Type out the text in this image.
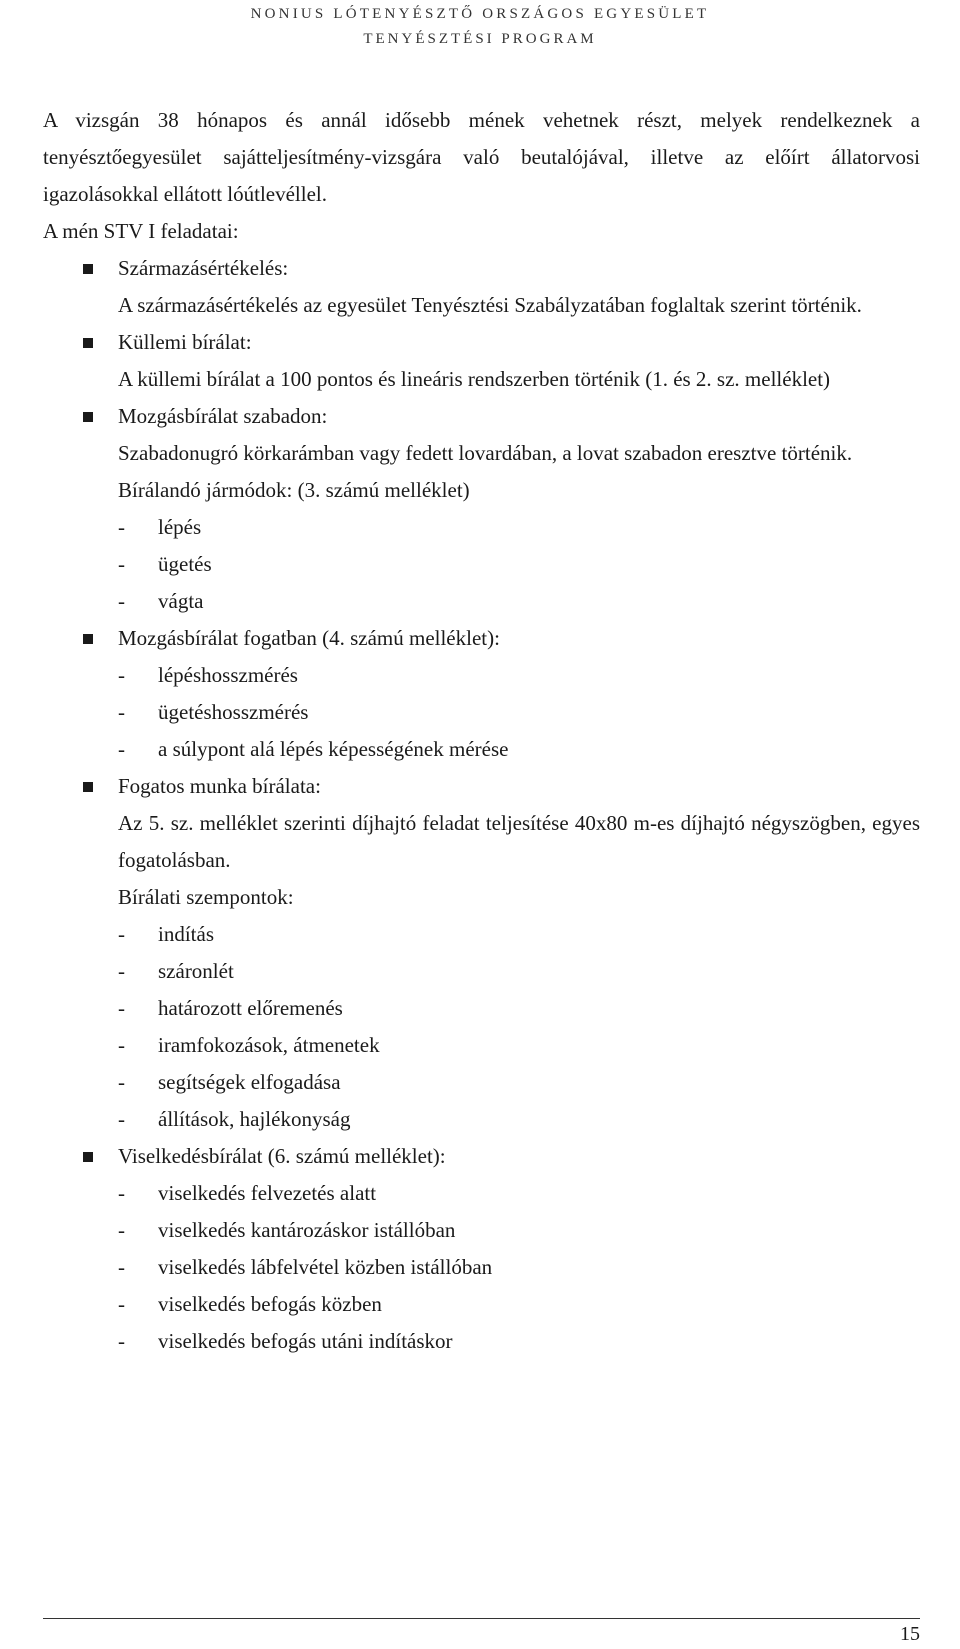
NONIUS LÓTENYÉSZTŐ ORSZÁGOS EGYESÜLET
TENYÉSZTÉSI PROGRAM
A vizsgán 38 hónapos és annál idősebb mének vehetnek részt, melyek rendelkeznek a tenyésztőegyesület sajátteljesítmény-vizsgára való beutalójával, illetve az előírt állatorvosi igazolásokkal ellátott lóútlevéllel.
A mén STV I feladatai:
Származásértékelés:
A származásértékelés az egyesület Tenyésztési Szabályzatában foglaltak szerint történik.
Küllemi bírálat:
A küllemi bírálat a 100 pontos és lineáris rendszerben történik (1. és 2. sz. melléklet)
Mozgásbírálat szabadon:
Szabadonugró körkarámban vagy fedett lovardában, a lovat szabadon eresztve történik.
Bírálandó jármódok: (3. számú melléklet)
- lépés
- ügetés
- vágta
Mozgásbírálat fogatban (4. számú melléklet):
- lépéshosszmérés
- ügetéshosszmérés
- a súlypont alá lépés képességének mérése
Fogatos munka bírálata:
Az 5. sz. melléklet szerinti díjhajtó feladat teljesítése 40x80 m-es díjhajtó négyszögben, egyes fogatolásban.
Bírálati szempontok:
- indítás
- száronlét
- határozott előremenés
- iramfokozások, átmenetek
- segítségek elfogadása
- állítások, hajlékonyság
Viselkedésbírálat (6. számú melléklet):
- viselkedés felvezetés alatt
- viselkedés kantározáskor istállóban
- viselkedés lábfelvétel közben istállóban
- viselkedés befogás közben
- viselkedés befogás utáni indításkor
15
